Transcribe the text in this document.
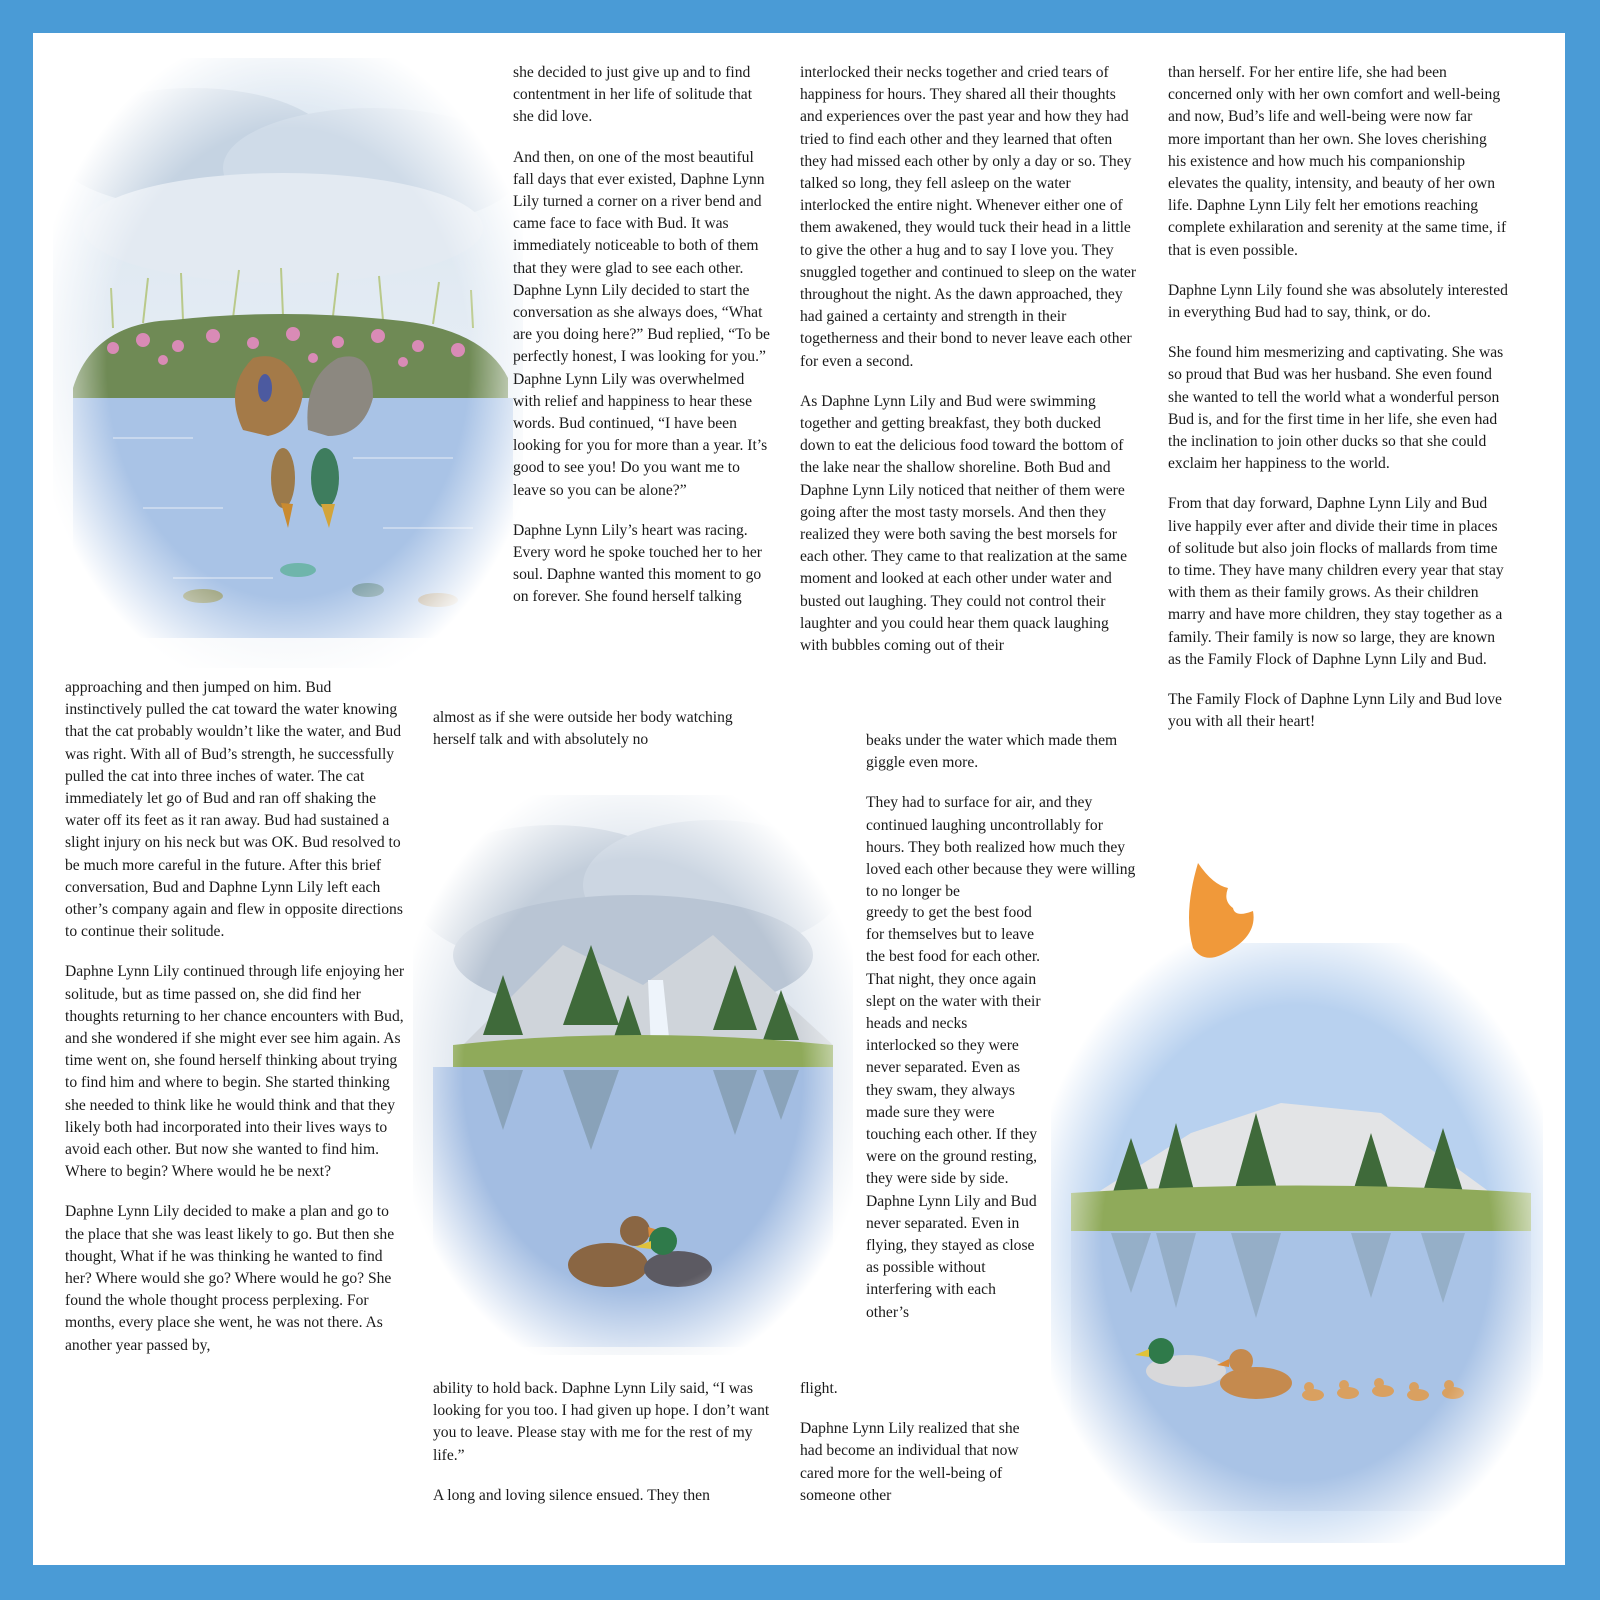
approaching and then jumped on him. Bud instinctively pulled the cat toward the water knowing that the cat probably wouldn’t like the water, and Bud was right. With all of Bud’s strength, he successfully pulled the cat into three inches of water. The cat immediately let go of Bud and ran off shaking the water off its feet as it ran away. Bud had sustained a slight injury on his neck but was OK. Bud resolved to be much more careful in the future. After this brief conversation, Bud and Daphne Lynn Lily left each other’s company again and flew in opposite directions to continue their solitude.

Daphne Lynn Lily continued through life enjoying her solitude, but as time passed on, she did find her thoughts returning to her chance encounters with Bud, and she wondered if she might ever see him again. As time went on, she found herself thinking about trying to find him and where to begin. She started thinking she needed to think like he would think and that they likely both had incorporated into their lives ways to avoid each other. But now she wanted to find him. Where to begin? Where would he be next?

Daphne Lynn Lily decided to make a plan and go to the place that she was least likely to go. But then she thought, What if he was thinking he wanted to find her? Where would she go? Where would he go? She found the whole thought process perplexing. For months, every place she went, he was not there. As another year passed by,

she decided to just give up and to find contentment in her life of solitude that she did love.

And then, on one of the most beautiful fall days that ever existed, Daphne Lynn Lily turned a corner on a river bend and came face to face with Bud. It was immediately noticeable to both of them that they were glad to see each other. Daphne Lynn Lily decided to start the conversation as she always does, “What are you doing here?” Bud replied, “To be perfectly honest, I was looking for you.” Daphne Lynn Lily was overwhelmed with relief and happiness to hear these words. Bud continued, “I have been looking for you for more than a year. It’s good to see you! Do you want me to leave so you can be alone?”

Daphne Lynn Lily’s heart was racing. Every word he spoke touched her to her soul. Daphne wanted this moment to go on forever. She found herself talking

almost as if she were outside her body watching herself talk and with absolutely no

ability to hold back. Daphne Lynn Lily said, “I was looking for you too. I had given up hope. I don’t want you to leave. Please stay with me for the rest of my life.”

A long and loving silence ensued. They then

interlocked their necks together and cried tears of happiness for hours. They shared all their thoughts and experiences over the past year and how they had tried to find each other and they learned that often they had missed each other by only a day or so. They talked so long, they fell asleep on the water interlocked the entire night. Whenever either one of them awakened, they would tuck their head in a little to give the other a hug and to say I love you. They snuggled together and continued to sleep on the water throughout the night. As the dawn approached, they had gained a certainty and strength in their togetherness and their bond to never leave each other for even a second.

As Daphne Lynn Lily and Bud were swimming together and getting breakfast, they both ducked down to eat the delicious food toward the bottom of the lake near the shallow shoreline. Both Bud and Daphne Lynn Lily noticed that neither of them were going after the most tasty morsels. And then they realized they were both saving the best morsels for each other. They came to that realization at the same moment and looked at each other under water and busted out laughing. They could not control their laughter and you could hear them quack laughing with bubbles coming out of their

beaks under the water which made them giggle even more.

They had to surface for air, and they continued laughing uncontrollably for hours. They both realized how much they loved each other because they were willing to no longer be

greedy to get the best food for themselves but to leave the best food for each other. That night, they once again slept on the water with their heads and necks interlocked so they were never separated. Even as they swam, they always made sure they were touching each other. If they were on the ground resting, they were side by side. Daphne Lynn Lily and Bud never separated. Even in flying, they stayed as close as possible without interfering with each other’s

flight.

Daphne Lynn Lily realized that she had become an individual that now cared more for the well-being of someone other

than herself. For her entire life, she had been concerned only with her own comfort and well-being and now, Bud’s life and well-being were now far more important than her own. She loves cherishing his existence and how much his companionship elevates the quality, intensity, and beauty of her own life. Daphne Lynn Lily felt her emotions reaching complete exhilaration and serenity at the same time, if that is even possible.

Daphne Lynn Lily found she was absolutely interested in everything Bud had to say, think, or do.

She found him mesmerizing and captivating. She was so proud that Bud was her husband. She even found she wanted to tell the world what a wonderful person Bud is, and for the first time in her life, she even had the inclination to join other ducks so that she could exclaim her happiness to the world.

From that day forward, Daphne Lynn Lily and Bud live happily ever after and divide their time in places of solitude but also join flocks of mallards from time to time. They have many children every year that stay with them as their family grows. As their children marry and have more children, they stay together as a family. Their family is now so large, they are known as the Family Flock of Daphne Lynn Lily and Bud.

The Family Flock of Daphne Lynn Lily and Bud love you with all their heart!
